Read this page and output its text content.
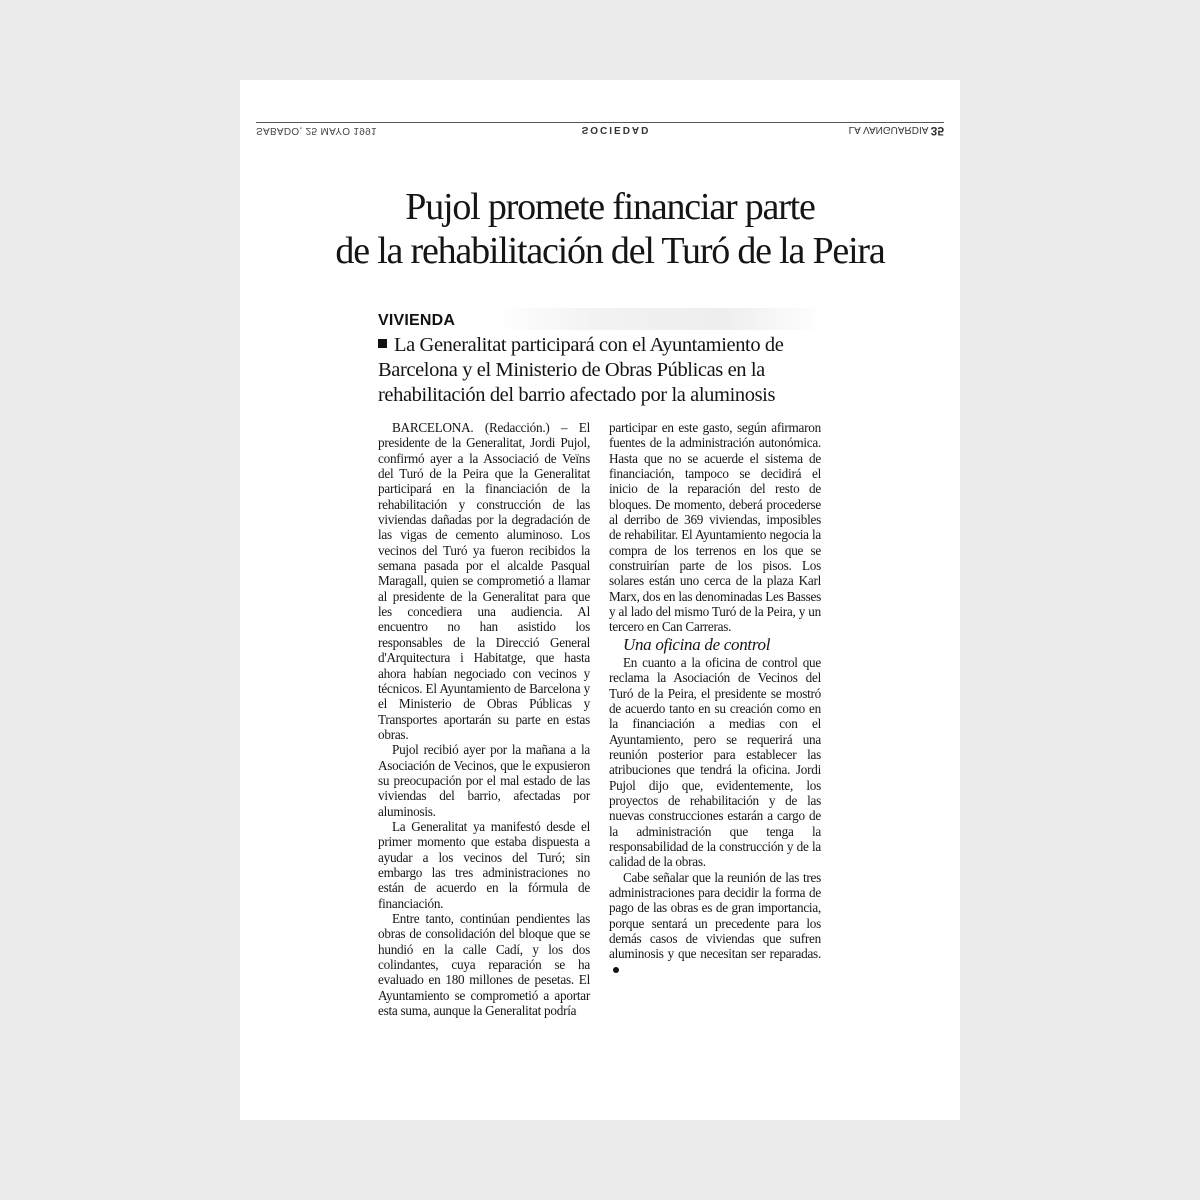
SABADO, 25 MAYO 1991	SOCIEDAD	LA VANGUARDIA 35
Pujol promete financiar parte
de la rehabilitación del Turó de la Peira
VIVIENDA
La Generalitat participará con el Ayuntamiento de Barcelona y el Ministerio de Obras Públicas en la rehabilitación del barrio afectado por la aluminosis

BARCELONA. (Redacción.) – El presidente de la Generalitat, Jordi Pujol, confirmó ayer a la Associació de Veïns del Turó de la Peira que la Generalitat participará en la financiación de la rehabilitación y construcción de las viviendas dañadas por la degradación de las vigas de cemento aluminoso. Los vecinos del Turó ya fueron recibidos la semana pasada por el alcalde Pasqual Maragall, quien se comprometió a llamar al presidente de la Generalitat para que les concediera una audiencia. Al encuentro no han asistido los responsables de la Direcció General d'Arquitectura i Habitatge, que hasta ahora habían negociado con vecinos y técnicos. El Ayuntamiento de Barcelona y el Ministerio de Obras Públicas y Transportes aportarán su parte en estas obras.

Pujol recibió ayer por la mañana a la Asociación de Vecinos, que le expusieron su preocupación por el mal estado de las viviendas del barrio, afectadas por aluminosis.

La Generalitat ya manifestó desde el primer momento que estaba dispuesta a ayudar a los vecinos del Turó; sin embargo las tres administraciones no están de acuerdo en la fórmula de financiación.

Entre tanto, continúan pendientes las obras de consolidación del bloque que se hundió en la calle Cadí, y los dos colindantes, cuya reparación se ha evaluado en 180 millones de pesetas. El Ayuntamiento se comprometió a aportar esta suma, aunque la Generalitat podría

participar en este gasto, según afirmaron fuentes de la administración autonómica. Hasta que no se acuerde el sistema de financiación, tampoco se decidirá el inicio de la reparación del resto de bloques. De momento, deberá procederse al derribo de 369 viviendas, imposibles de rehabilitar. El Ayuntamiento negocia la compra de los terrenos en los que se construirían parte de los pisos. Los solares están uno cerca de la plaza Karl Marx, dos en las denominadas Les Basses y al lado del mismo Turó de la Peira, y un tercero en Can Carreras.

Una oficina de control

En cuanto a la oficina de control que reclama la Asociación de Vecinos del Turó de la Peira, el presidente se mostró de acuerdo tanto en su creación como en la financiación a medias con el Ayuntamiento, pero se requerirá una reunión posterior para establecer las atribuciones que tendrá la oficina. Jordi Pujol dijo que, evidentemente, los proyectos de rehabilitación y de las nuevas construcciones estarán a cargo de la administración que tenga la responsabilidad de la construcción y de la calidad de la obras.

Cabe señalar que la reunión de las tres administraciones para decidir la forma de pago de las obras es de gran importancia, porque sentará un precedente para los demás casos de viviendas que sufren aluminosis y que necesitan ser reparadas.
